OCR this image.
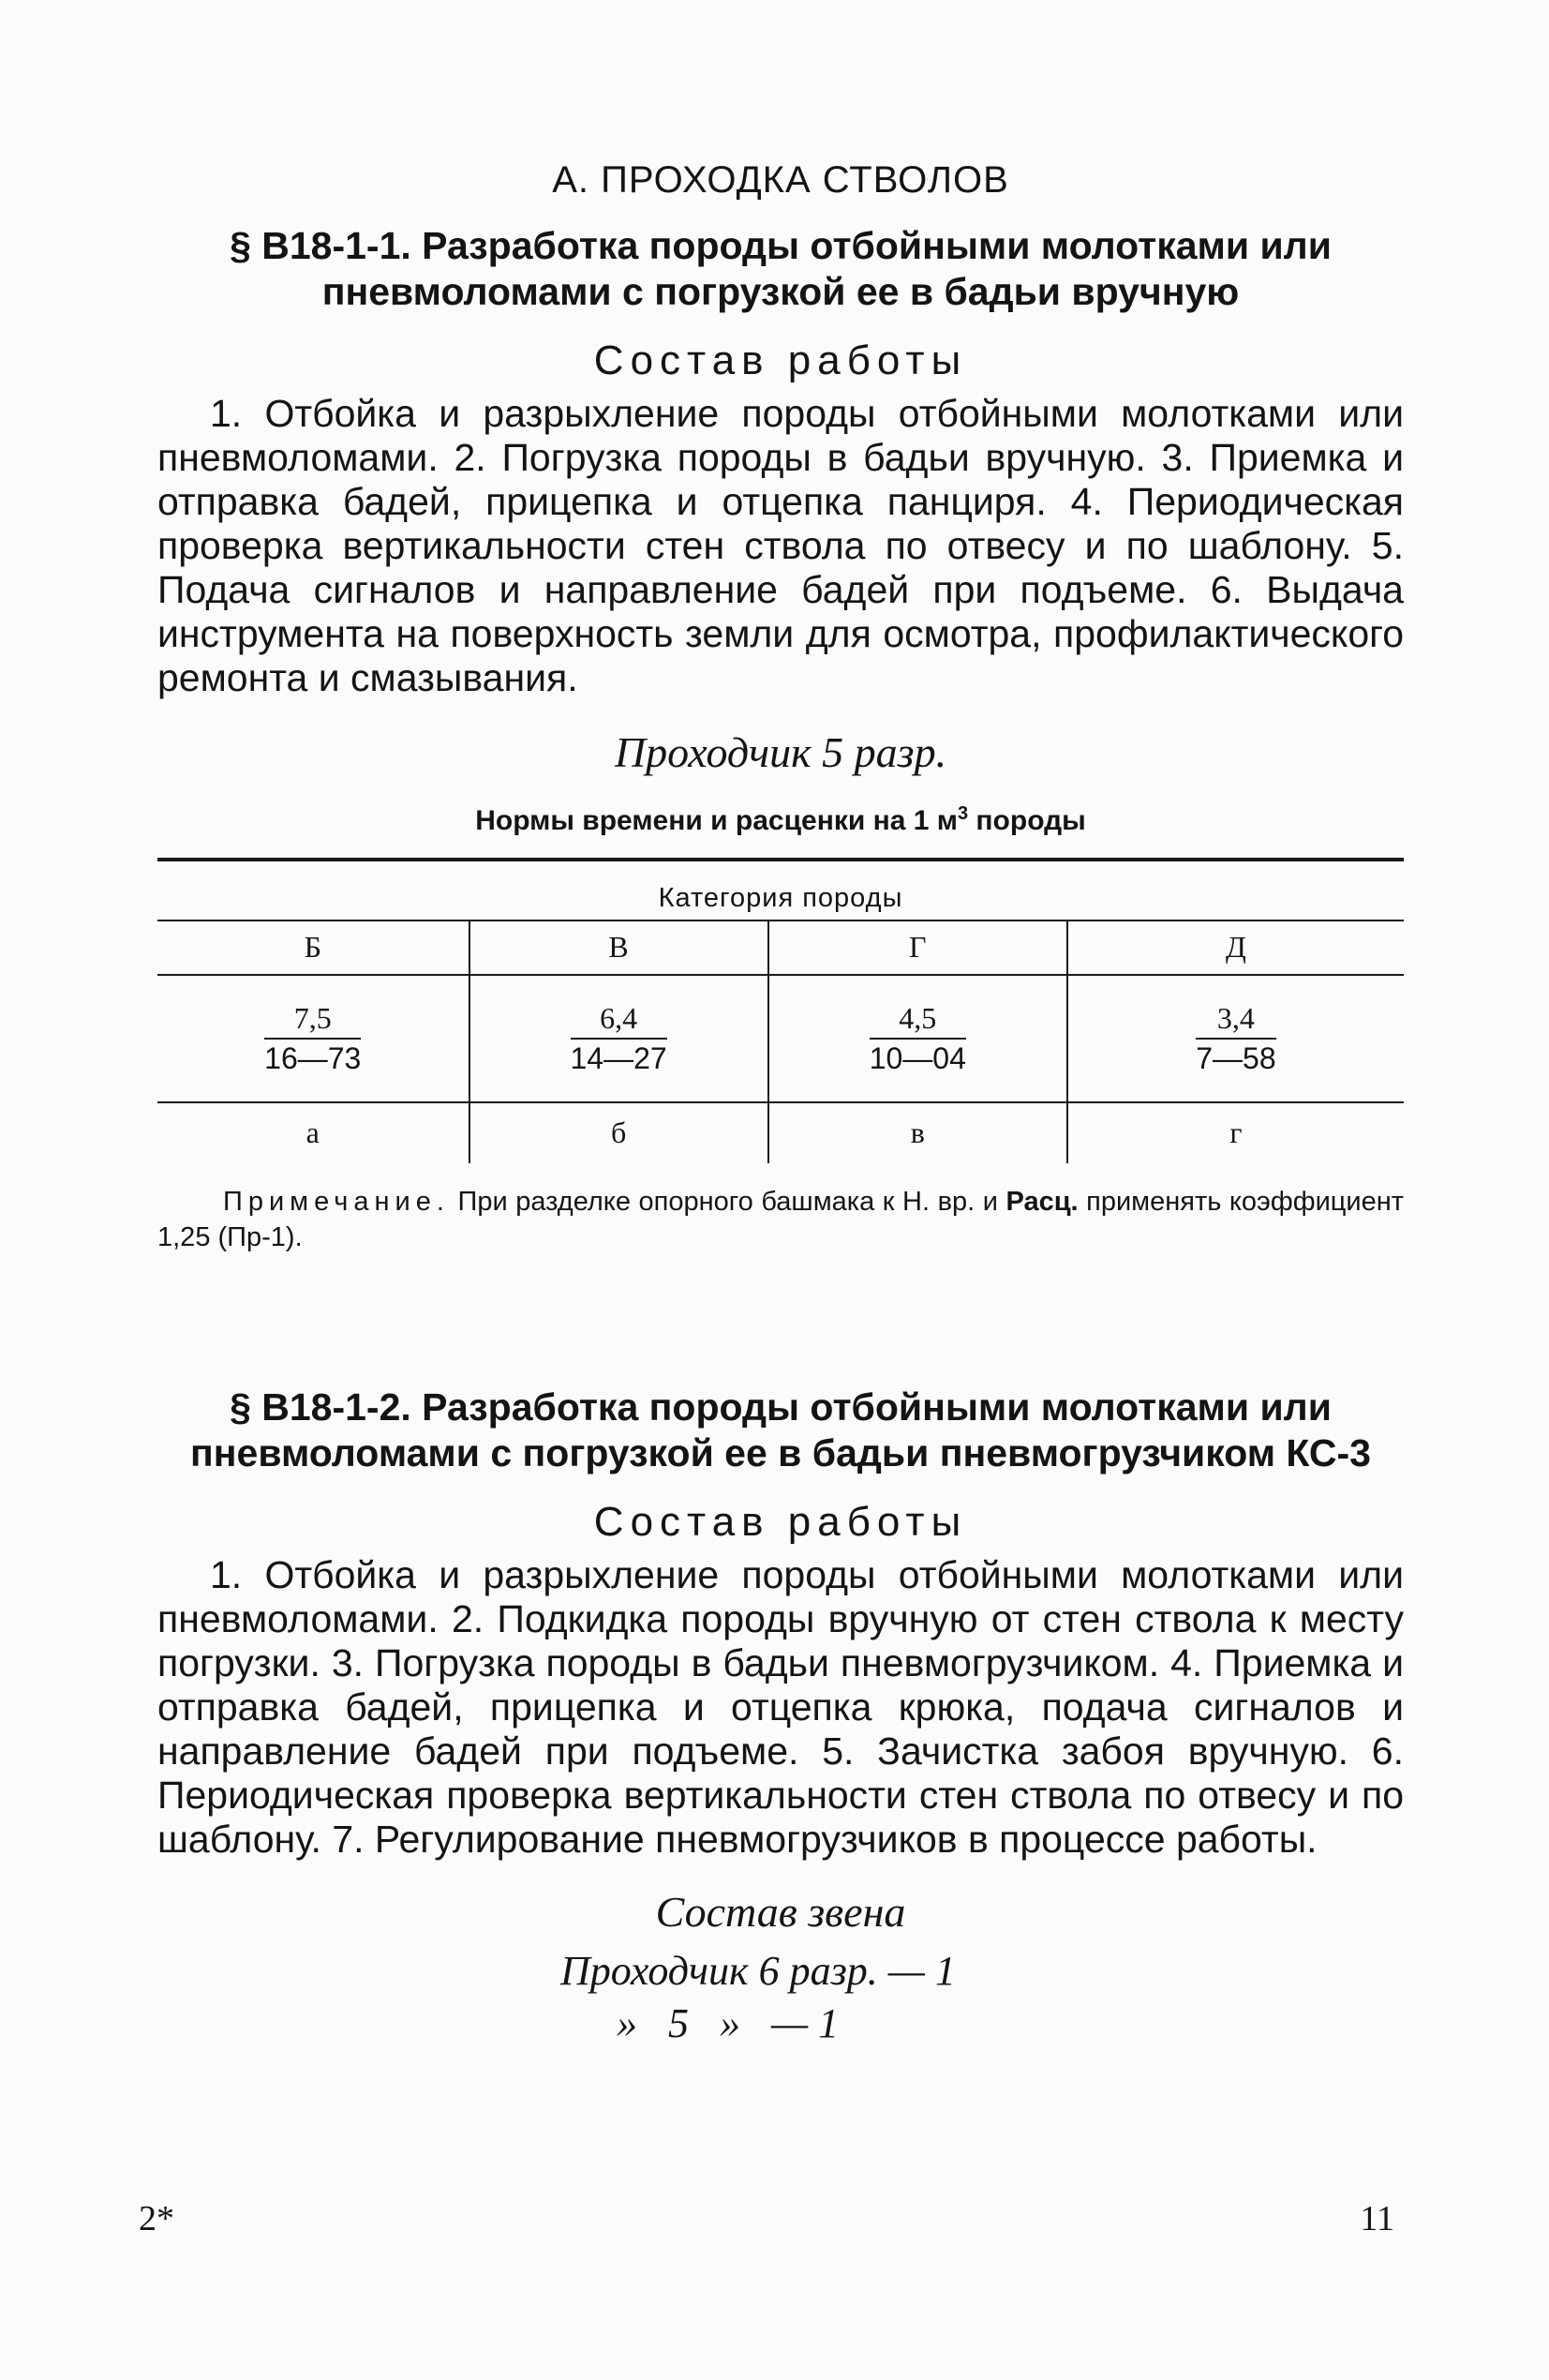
А. ПРОХОДКА СТВОЛОВ
§ В18-1-1. Разработка породы отбойными молотками или
пневмоломами с погрузкой ее в бадьи вручную
Состав работы

1. Отбойка и разрыхление породы отбойными молотками или пневмоломами. 2. Погрузка породы в бадьи вручную. 3. Приемка и отправка бадей, прицепка и отцепка панциря. 4. Периодическая проверка вертикальности стен ствола по отвесу и по шаблону. 5. Подача сигналов и направление бадей при подъеме. 6. Выдача инструмента на поверхность земли для осмотра, профилактического ремонта и смазывания.

Проходчик 5 разр.
Нормы времени и расценки на 1 $м^3$ породы
Категория породы			
Б	В	Г	Д

$\frac{7,5}{16—73}$	$\frac{6,4}{14—27}$	$\frac{4,5}{10—04}$	$\frac{3,4}{7—58}$

а	б	в	г

Примечание. При разделке опорного башмака к Н. вр. и Расц. применять коэффициент 1,25 (Пр-1).

§ В18-1-2. Разработка породы отбойными молотками или
пневмоломами с погрузкой ее в бадьи пневмогрузчиком КС-3
Состав работы

1. Отбойка и разрыхление породы отбойными молотками или пневмоломами. 2. Подкидка породы вручную от стен ствола к месту погрузки. 3. Погрузка породы в бадьи пневмогрузчиком. 4. Приемка и отправка бадей, прицепка и отцепка крюка, подача сигналов и направление бадей при подъеме. 5. Зачистка забоя вручную. 6. Периодическая проверка вертикальности стен ствола по отвесу и по шаблону. 7. Регулирование пневмогрузчиков в процессе работы.

Состав звена
Проходчик 6 разр. — 1
»   5   »   — 1
2*	11
